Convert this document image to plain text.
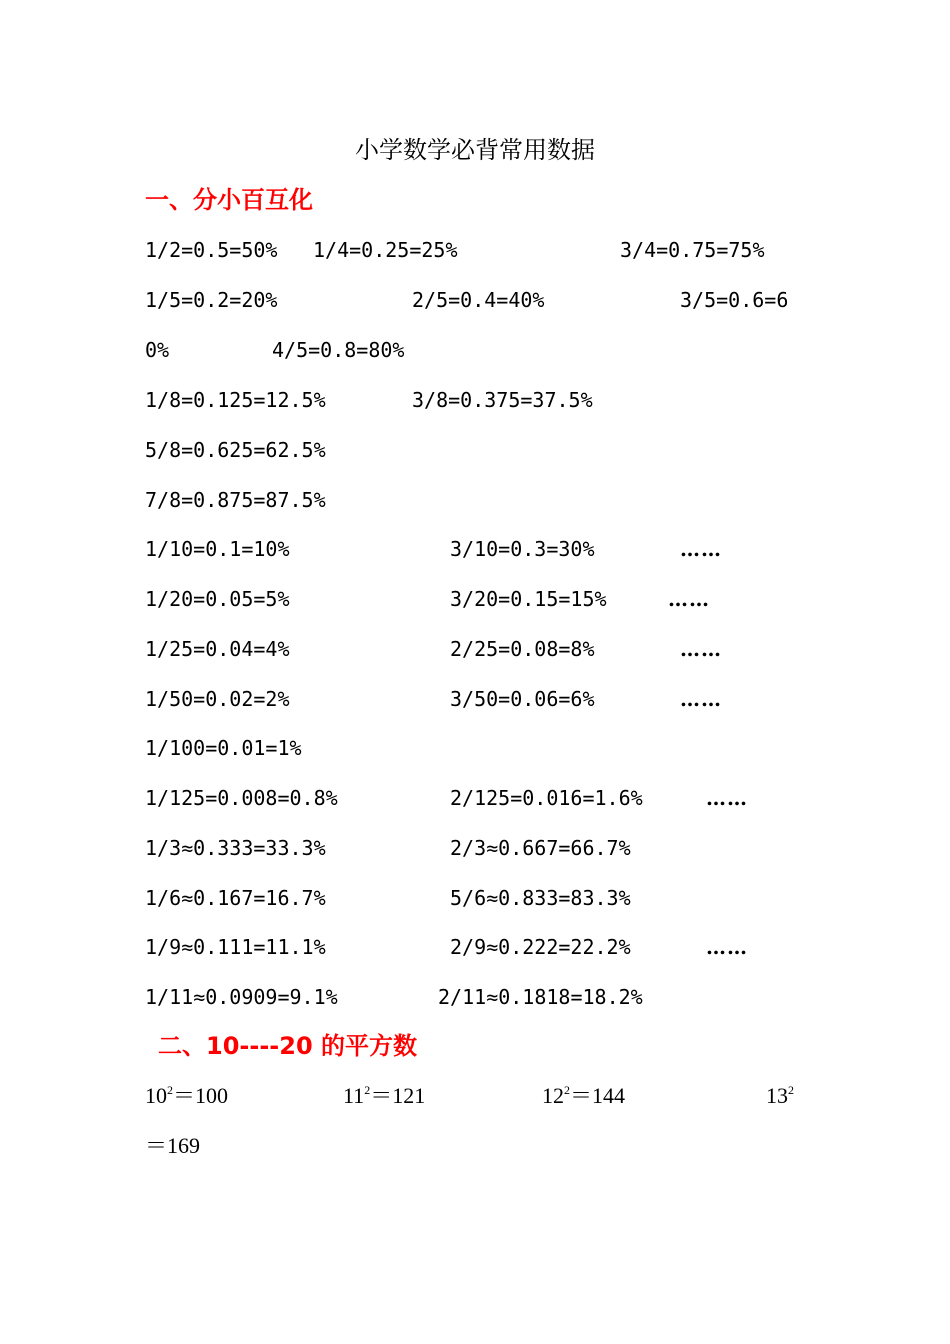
小学数学必背常用数据
一、分小百互化
1/2=0.5=50% 1/4=0.25=25%	3/4=0.75=75%
1/5=0.2=20%	2/5=0.4=40%	3/5=0.6=6
0%	4/5=0.8=80%
1/8=0.125=12.5%	3/8=0.375=37.5%
5/8=0.625=62.5%
7/8=0.875=87.5%
1/10=0.1=10%	3/10=0.3=30%	……
1/20=0.05=5%	3/20=0.15=15%	……
1/25=0.04=4%	2/25=0.08=8%	……
1/50=0.02=2%	3/50=0.06=6%	……
1/100=0.01=1%
1/125=0.008=0.8%	2/125=0.016=1.6%	……
1/3≈0.333=33.3%	2/3≈0.667=66.7%
1/6≈0.167=16.7%	5/6≈0.833=83.3%
1/9≈0.111=11.1%	2/9≈0.222=22.2%	……
1/11≈0.0909=9.1%	2/11≈0.1818=18.2%
二、10----20 的平方数
$10^2=100$	$11^2=121$	$12^2=144$	$13^2$
＝169
